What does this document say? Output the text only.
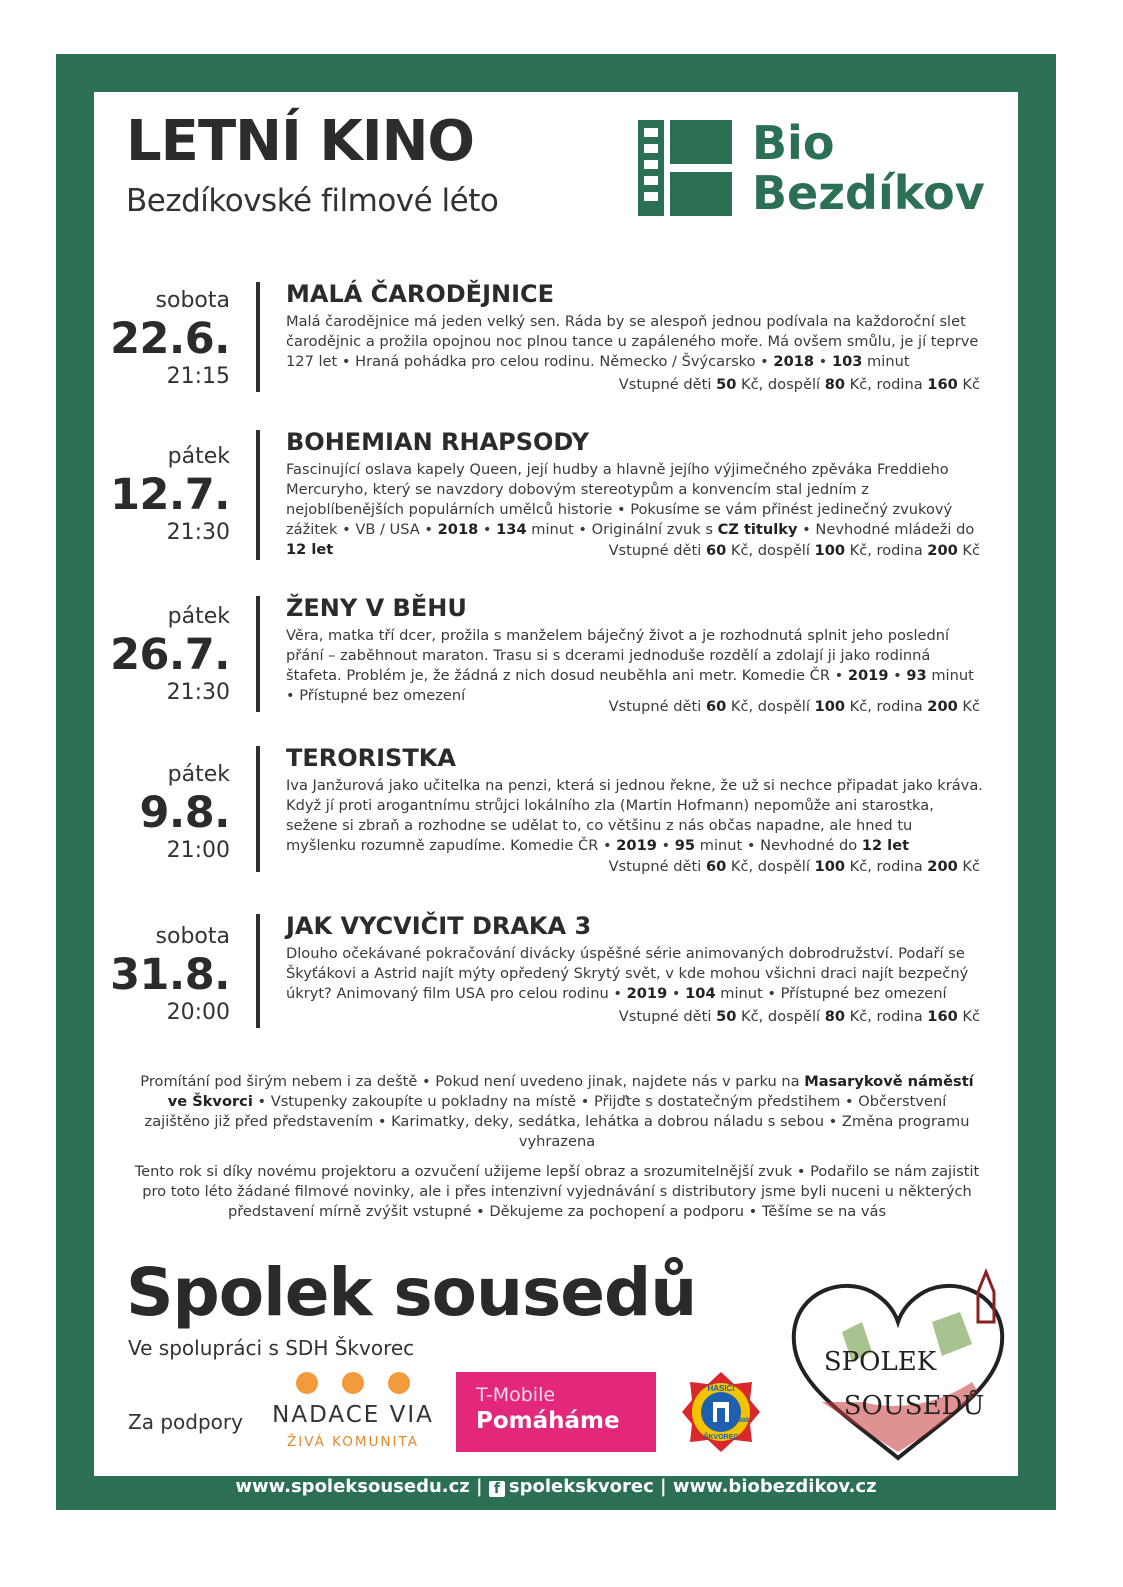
LETNÍ KINO
Bezdíkovské filmové léto
Bio
Bezdíkov
sobota
22.6.
21:15
MALÁ ČARODĚJNICE
Malá čarodějnice má jeden velký sen. Ráda by se alespoň jednou podívala na každoroční slet čarodějnic a prožila opojnou noc plnou tance u zapáleného moře. Má ovšem smůlu, je jí teprve 127 let • Hraná pohádka pro celou rodinu. Německo / Švýcarsko • 2018 • 103 minut
Vstupné děti 50 Kč, dospělí 80 Kč, rodina 160 Kč
pátek
12.7.
21:30
BOHEMIAN RHAPSODY
Fascinující oslava kapely Queen, její hudby a hlavně jejího výjimečného zpěváka Freddieho Mercuryho, který se navzdory dobovým stereotypům a konvencím stal jedním z nejoblíbenějších populárních umělců historie • Pokusíme se vám přinést jedinečný zvukový zážitek • VB / USA • 2018 • 134 minut • Originální zvuk s CZ titulky • Nevhodné mládeži do 12 let	Vstupné děti 60 Kč, dospělí 100 Kč, rodina 200 Kč
pátek
26.7.
21:30
ŽENY V BĚHU
Věra, matka tří dcer, prožila s manželem báječný život a je rozhodnutá splnit jeho poslední přání – zaběhnout maraton. Trasu si s dcerami jednoduše rozdělí a zdolají ji jako rodinná štafeta. Problém je, že žádná z nich dosud neuběhla ani metr. Komedie ČR • 2019 • 93 minut • Přístupné bez omezení
Vstupné děti 60 Kč, dospělí 100 Kč, rodina 200 Kč
pátek
9.8.
21:00
TERORISTKA
Iva Janžurová jako učitelka na penzi, která si jednou řekne, že už si nechce připadat jako kráva. Když jí proti arogantnímu strůjci lokálního zla (Martin Hofmann) nepomůže ani starostka, sežene si zbraň a rozhodne se udělat to, co většinu z nás občas napadne, ale hned tu myšlenku rozumně zapudíme. Komedie ČR • 2019 • 95 minut • Nevhodné do 12 let
Vstupné děti 60 Kč, dospělí 100 Kč, rodina 200 Kč
sobota
31.8.
20:00
JAK VYCVIČIT DRAKA 3
Dlouho očekávané pokračování divácky úspěšné série animovaných dobrodružství. Podaří se Škyťákovi a Astrid najít mýty opředený Skrytý svět, v kde mohou všichni draci najít bezpečný úkryt? Animovaný film USA pro celou rodinu • 2019 • 104 minut • Přístupné bez omezení
Vstupné děti 50 Kč, dospělí 80 Kč, rodina 160 Kč
Promítání pod širým nebem i za deště • Pokud není uvedeno jinak, najdete nás v parku na Masarykově náměstí ve Škvorci • Vstupenky zakoupíte u pokladny na místě • Přijďte s dostatečným předstihem • Občerstvení zajištěno již před představením • Karimatky, deky, sedátka, lehátka a dobrou náladu s sebou • Změna programu vyhrazena
Tento rok si díky novému projektoru a ozvučení užijeme lepší obraz a srozumitelnější zvuk • Podařilo se nám zajistit pro toto léto žádané filmové novinky, ale i přes intenzivní vyjednávání s distributory jsme byli nuceni u některých představení mírně zvýšit vstupné • Děkujeme za pochopení a podporu • Těšíme se na vás
Spolek sousedů
Ve spolupráci s SDH Škvorec
Za podpory	NADACE VIA
ŽIVÁ KOMUNITA
T-Mobile
Pomáháme
HASIČI
ŠKVOREC
1889
SPOLEK
SOUSEDŮ
www.spoleksousedu.cz | f spolekskvorec | www.biobezdikov.cz
